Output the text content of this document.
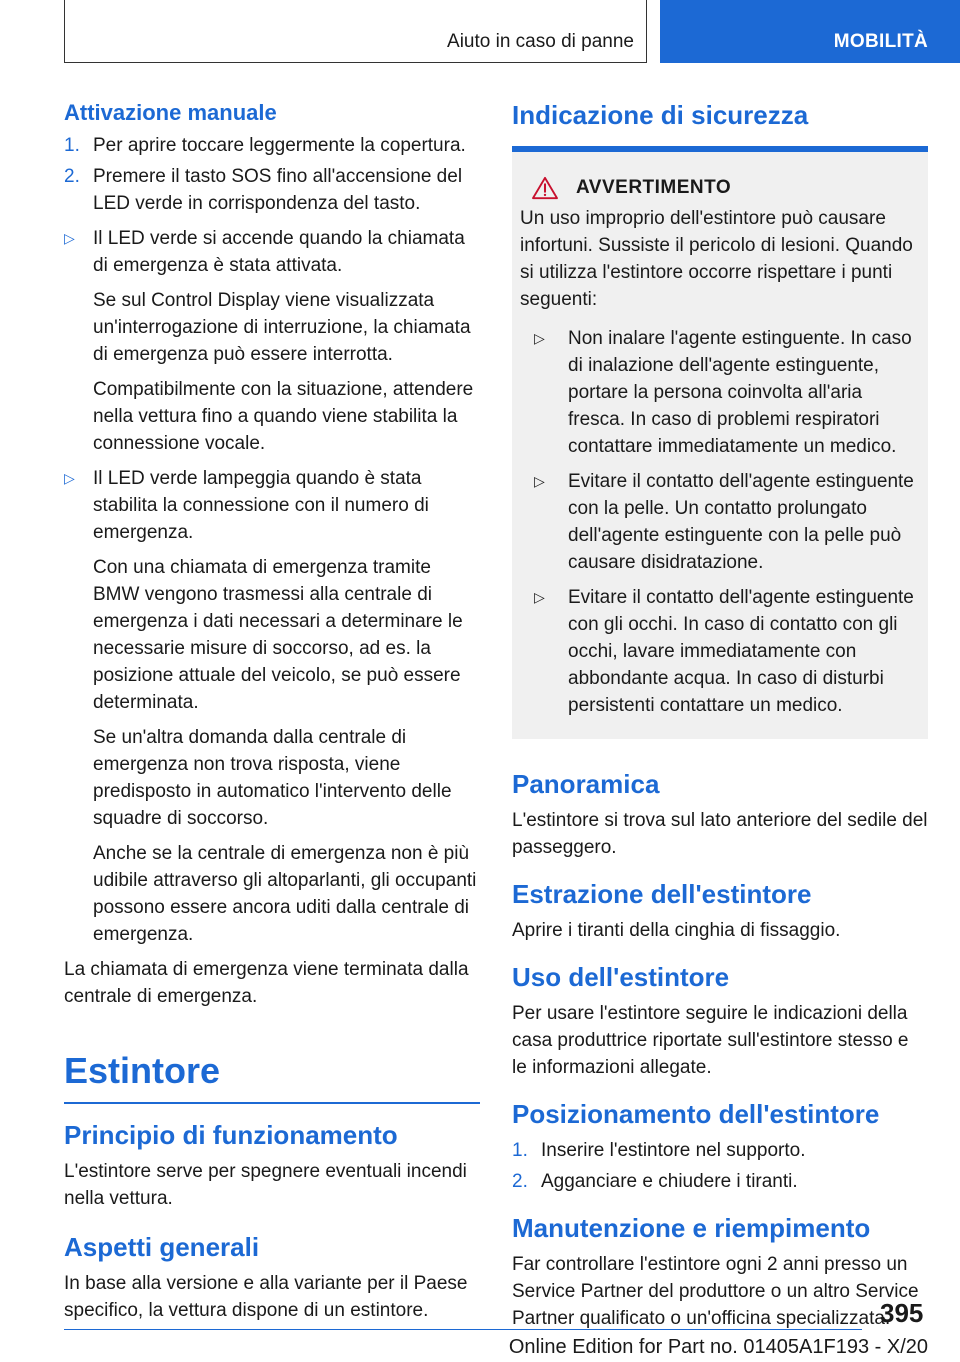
Aiuto in caso di panne	MOBILITÀ
Attivazione manuale
1. Per aprire toccare leggermente la copertura.
2. Premere il tasto SOS fino all'accensione del LED verde in corrispondenza del tasto.
▷ Il LED verde si accende quando la chiamata di emergenza è stata attivata.
Se sul Control Display viene visualizzata un'interrogazione di interruzione, la chiamata di emergenza può essere interrotta.
Compatibilmente con la situazione, attendere nella vettura fino a quando viene stabilita la connessione vocale.
▷ Il LED verde lampeggia quando è stata stabilita la connessione con il numero di emergenza.
Con una chiamata di emergenza tramite BMW vengono trasmessi alla centrale di emergenza i dati necessari a determinare le necessarie misure di soccorso, ad es. la posizione attuale del veicolo, se può essere determinata.
Se un'altra domanda dalla centrale di emergenza non trova risposta, viene predisposto in automatico l'intervento delle squadre di soccorso.
Anche se la centrale di emergenza non è più udibile attraverso gli altoparlanti, gli occupanti possono essere ancora uditi dalla centrale di emergenza.

La chiamata di emergenza viene terminata dalla centrale di emergenza.

Estintore
Principio di funzionamento

L'estintore serve per spegnere eventuali incendi nella vettura.

Aspetti generali

In base alla versione e alla variante per il Paese specifico, la vettura dispone di un estintore.

Indicazione di sicurezza
AVVERTIMENTO

Un uso improprio dell'estintore può causare infortuni. Sussiste il pericolo di lesioni. Quando si utilizza l'estintore occorre rispettare i punti seguenti:

▷ Non inalare l'agente estinguente. In caso di inalazione dell'agente estinguente, portare la persona coinvolta all'aria fresca. In caso di problemi respiratori contattare immediatamente un medico.
▷ Evitare il contatto dell'agente estinguente con la pelle. Un contatto prolungato dell'agente estinguente con la pelle può causare disidratazione.
▷ Evitare il contatto dell'agente estinguente con gli occhi. In caso di contatto con gli occhi, lavare immediatamente con abbondante acqua. In caso di disturbi persistenti contattare un medico.
Panoramica

L'estintore si trova sul lato anteriore del sedile del passeggero.

Estrazione dell'estintore

Aprire i tiranti della cinghia di fissaggio.

Uso dell'estintore

Per usare l'estintore seguire le indicazioni della casa produttrice riportate sull'estintore stesso e le informazioni allegate.

Posizionamento dell'estintore
1. Inserire l'estintore nel supporto.
2. Agganciare e chiudere i tiranti.
Manutenzione e riempimento

Far controllare l'estintore ogni 2 anni presso un Service Partner del produttore o un altro Service Partner qualificato o un'officina specializzata.

395
Online Edition for Part no. 01405A1F193 - X/20
